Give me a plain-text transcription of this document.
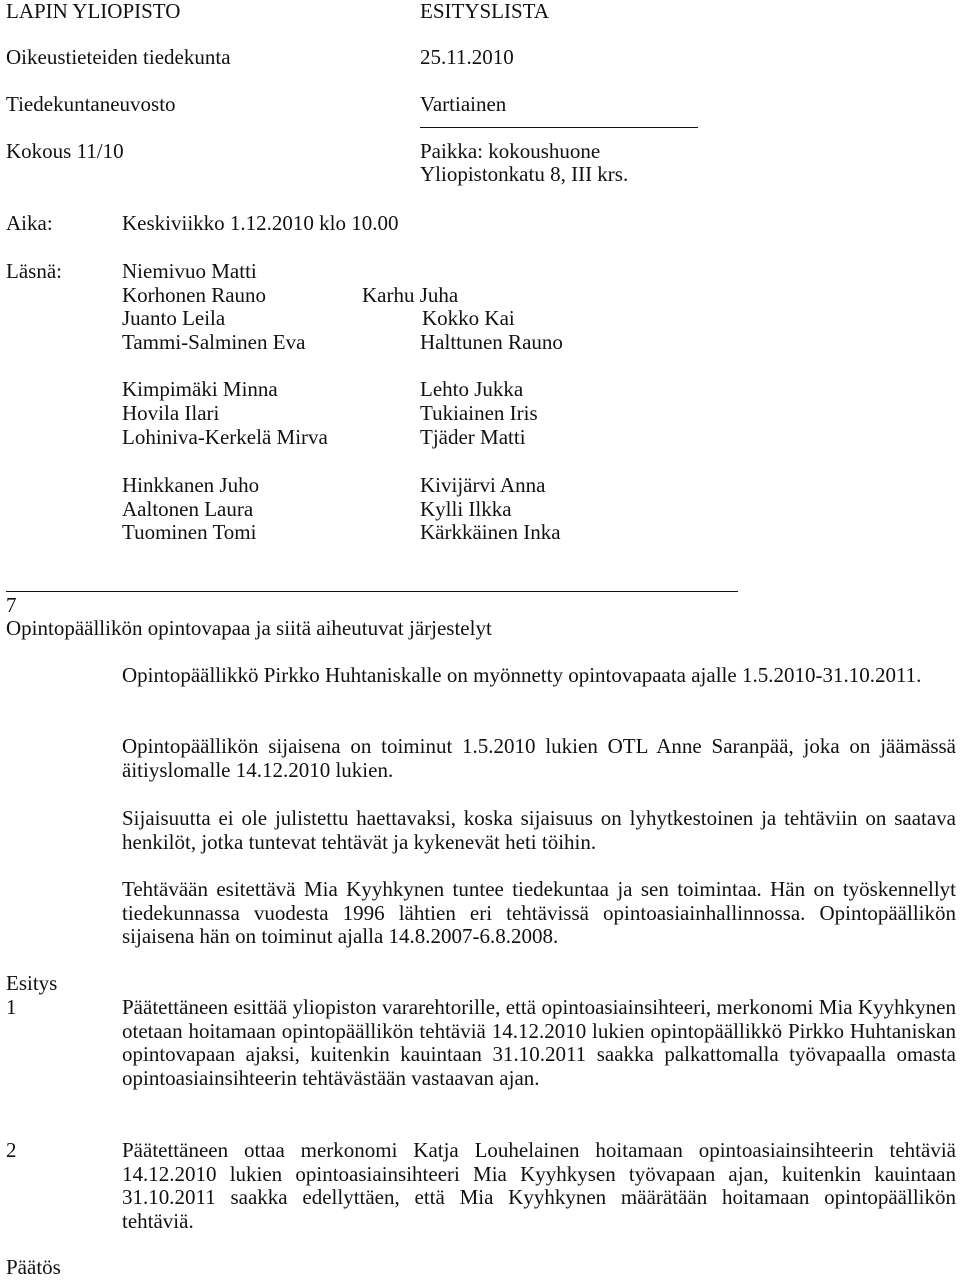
LAPIN YLIOPISTO	ESITYSLISTA
Oikeustieteiden tiedekunta	25.11.2010
Tiedekuntaneuvosto	Vartiainen
Kokous 11/10	Paikka: kokoushuone
Yliopistonkatu 8, III krs.
Aika:	Keskiviikko 1.12.2010 klo 10.00
Läsnä:	Niemivuo Matti
Korhonen Rauno	Karhu Juha
Juanto Leila	Kokko Kai
Tammi-Salminen Eva	Halttunen Rauno
Kimpimäki Minna	Lehto Jukka
Hovila Ilari	Tukiainen Iris
Lohiniva-Kerkelä Mirva	Tjäder Matti
Hinkkanen Juho	Kivijärvi Anna
Aaltonen Laura	Kylli Ilkka
Tuominen Tomi	Kärkkäinen Inka
7
Opintopäällikön opintovapaa ja siitä aiheutuvat järjestelyt
Opintopäällikkö Pirkko Huhtaniskalle on myönnetty opintovapaata ajalle 1.5.2010-31.10.2011.
Opintopäällikön sijaisena on toiminut 1.5.2010 lukien OTL Anne Saranpää, joka on jäämässä äitiyslomalle 14.12.2010 lukien.
Sijaisuutta ei ole julistettu haettavaksi, koska sijaisuus on lyhytkestoinen ja tehtäviin on saatava henkilöt, jotka tuntevat tehtävät ja kykenevät heti töihin.
Tehtävään esitettävä Mia Kyyhkynen tuntee tiedekuntaa ja sen toimintaa. Hän on työskennellyt tiedekunnassa vuodesta 1996 lähtien eri tehtävissä opintoasiainhallinnossa. Opintopäällikön sijaisena hän on toiminut ajalla 14.8.2007-6.8.2008.
Esitys
1	Päätettäneen esittää yliopiston vararehtorille, että opintoasiainsihteeri, merkonomi Mia Kyyhkynen otetaan hoitamaan opintopäällikön tehtäviä 14.12.2010 lukien opintopäällikkö Pirkko Huhtaniskan opintovapaan ajaksi, kuitenkin kauintaan 31.10.2011 saakka palkattomalla työvapaalla omasta opintoasiainsihteerin tehtävästään vastaavan ajan.
2	Päätettäneen ottaa merkonomi Katja Louhelainen hoitamaan opintoasiainsihteerin tehtäviä 14.12.2010 lukien opintoasiainsihteeri Mia Kyyhkysen työvapaan ajan, kuitenkin kauintaan 31.10.2011 saakka edellyttäen, että Mia Kyyhkynen määrätään hoitamaan opintopäällikön tehtäviä.
Päätös
